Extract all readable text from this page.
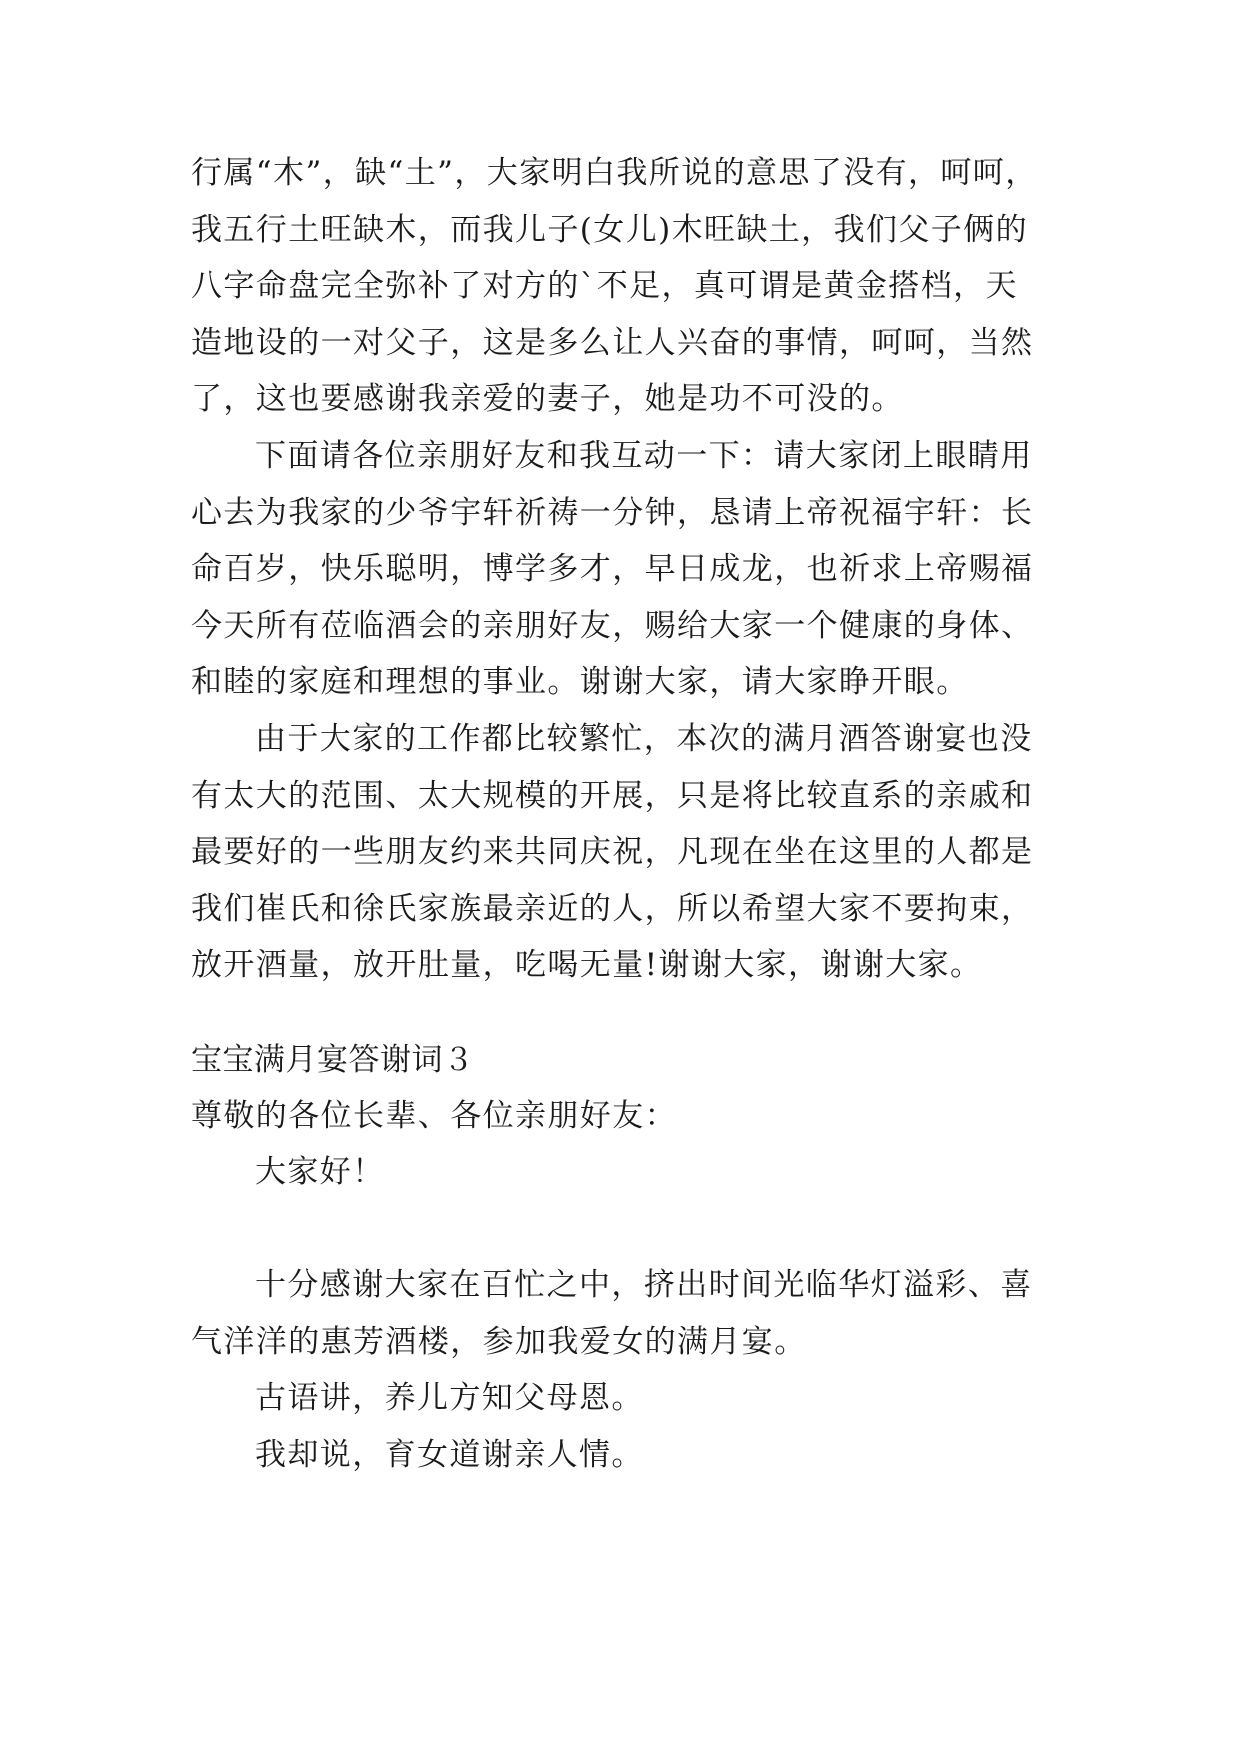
行属“木”，缺“土”，大家明白我所说的意思了没有，呵呵，
我五行土旺缺木，而我儿子(女儿)木旺缺土，我们父子俩的
八字命盘完全弥补了对方的`不足，真可谓是黄金搭档，天
造地设的一对父子，这是多么让人兴奋的事情，呵呵，当然
了，这也要感谢我亲爱的妻子，她是功不可没的。
下面请各位亲朋好友和我互动一下：请大家闭上眼睛用
心去为我家的少爷宇轩祈祷一分钟，恳请上帝祝福宇轩：长
命百岁，快乐聪明，博学多才，早日成龙，也祈求上帝赐福
今天所有莅临酒会的亲朋好友，赐给大家一个健康的身体、
和睦的家庭和理想的事业。谢谢大家，请大家睁开眼。
由于大家的工作都比较繁忙，本次的满月酒答谢宴也没
有太大的范围、太大规模的开展，只是将比较直系的亲戚和
最要好的一些朋友约来共同庆祝，凡现在坐在这里的人都是
我们崔氏和徐氏家族最亲近的人，所以希望大家不要拘束，
放开酒量，放开肚量，吃喝无量!谢谢大家，谢谢大家。
宝宝满月宴答谢词３
尊敬的各位长辈、各位亲朋好友：
大家好！
十分感谢大家在百忙之中，挤出时间光临华灯溢彩、喜
气洋洋的惠芳酒楼，参加我爱女的满月宴。
古语讲，养儿方知父母恩。
我却说，育女道谢亲人情。
